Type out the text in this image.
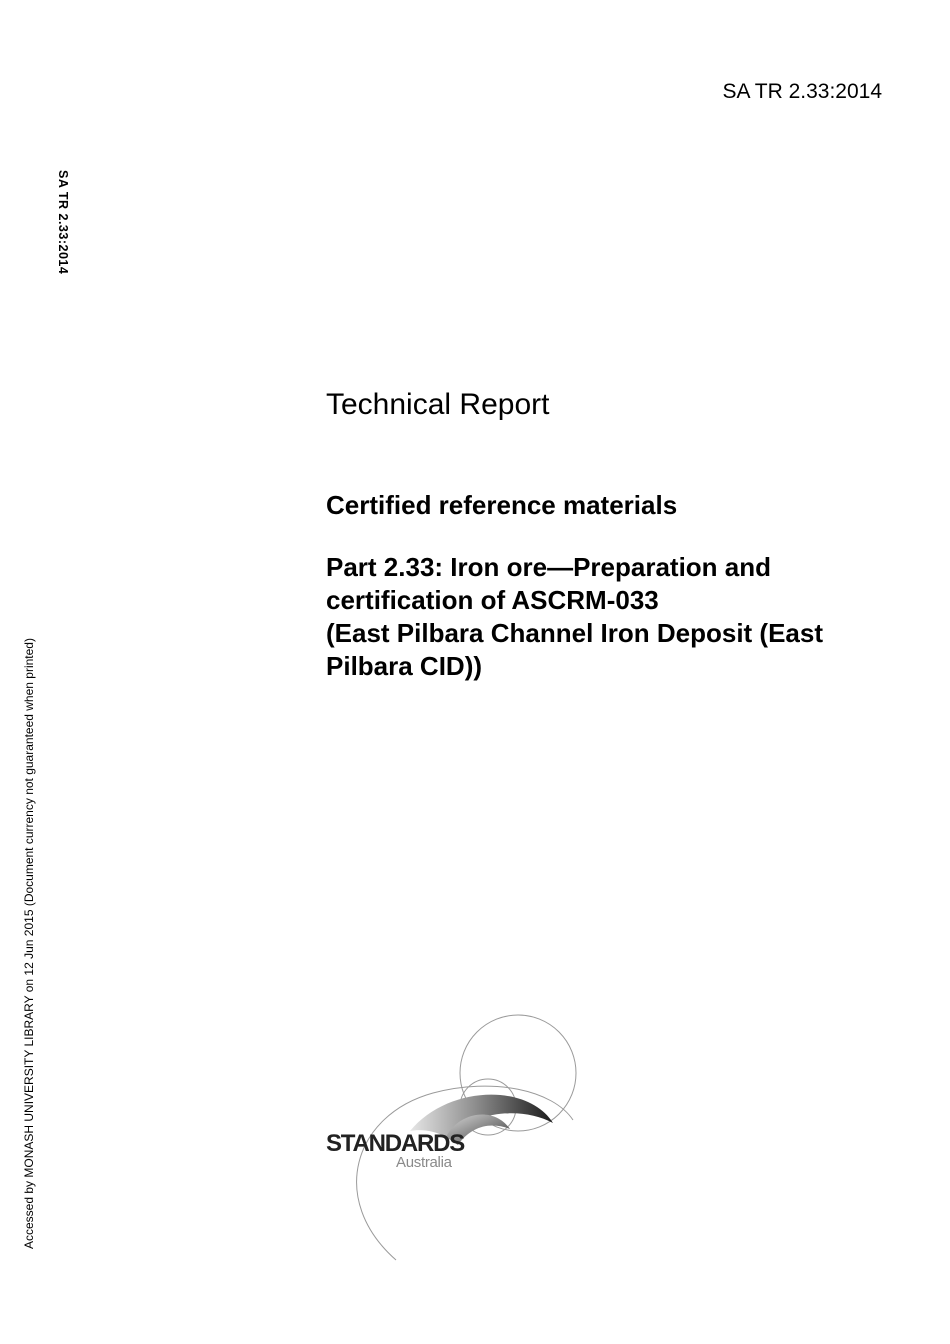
SA TR 2.33:2014
SA TR 2.33:2014
Accessed by MONASH UNIVERSITY LIBRARY on 12 Jun 2015 (Document currency not guaranteed when printed)
Technical Report
Certified reference materials
Part 2.33: Iron ore—Preparation and
certification of ASCRM-033
(East Pilbara Channel Iron Deposit (East
Pilbara CID))
STANDARDS
Australia
